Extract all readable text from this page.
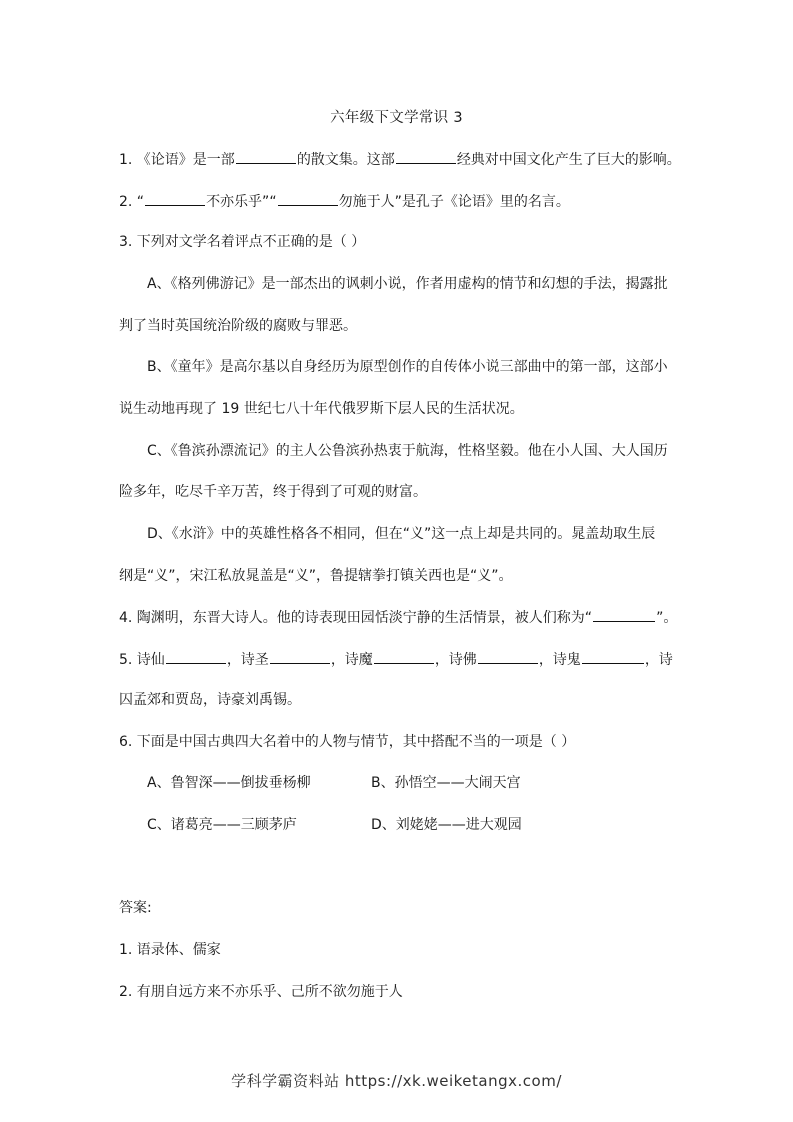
六年级下文学常识 3
1. 《论语》是一部	的散文集。这部	经典对中国文化产生了巨大的影响。
2. “	不亦乐乎”“	勿施于人”是孔子《论语》里的名言。
3. 下列对文学名着评点不正确的是（ ）
A、《格列佛游记》是一部杰出的讽刺小说，作者用虚构的情节和幻想的手法，揭露批
判了当时英国统治阶级的腐败与罪恶。
B、《童年》是高尔基以自身经历为原型创作的自传体小说三部曲中的第一部，这部小
说生动地再现了 19 世纪七八十年代俄罗斯下层人民的生活状况。
C、《鲁滨孙漂流记》的主人公鲁滨孙热衷于航海，性格坚毅。他在小人国、大人国历
险多年，吃尽千辛万苦，终于得到了可观的财富。
D、《水浒》中的英雄性格各不相同，但在“义”这一点上却是共同的。晁盖劫取生辰
纲是“义”，宋江私放晁盖是“义”，鲁提辖拳打镇关西也是“义”。
4. 陶渊明，东晋大诗人。他的诗表现田园恬淡宁静的生活情景，被人们称为“	”。
5. 诗仙	，诗圣	，诗魔	，诗佛	，诗鬼	，诗
囚孟郊和贾岛，诗豪刘禹锡。
6. 下面是中国古典四大名着中的人物与情节，其中搭配不当的一项是（ ）
A、鲁智深——倒拔垂杨柳	B、孙悟空——大闹天宫
C、诸葛亮——三顾茅庐	D、刘姥姥——进大观园
答案:
1. 语录体、儒家
2. 有朋自远方来不亦乐乎、己所不欲勿施于人
学科学霸资料站 https://xk.weiketangx.com/
